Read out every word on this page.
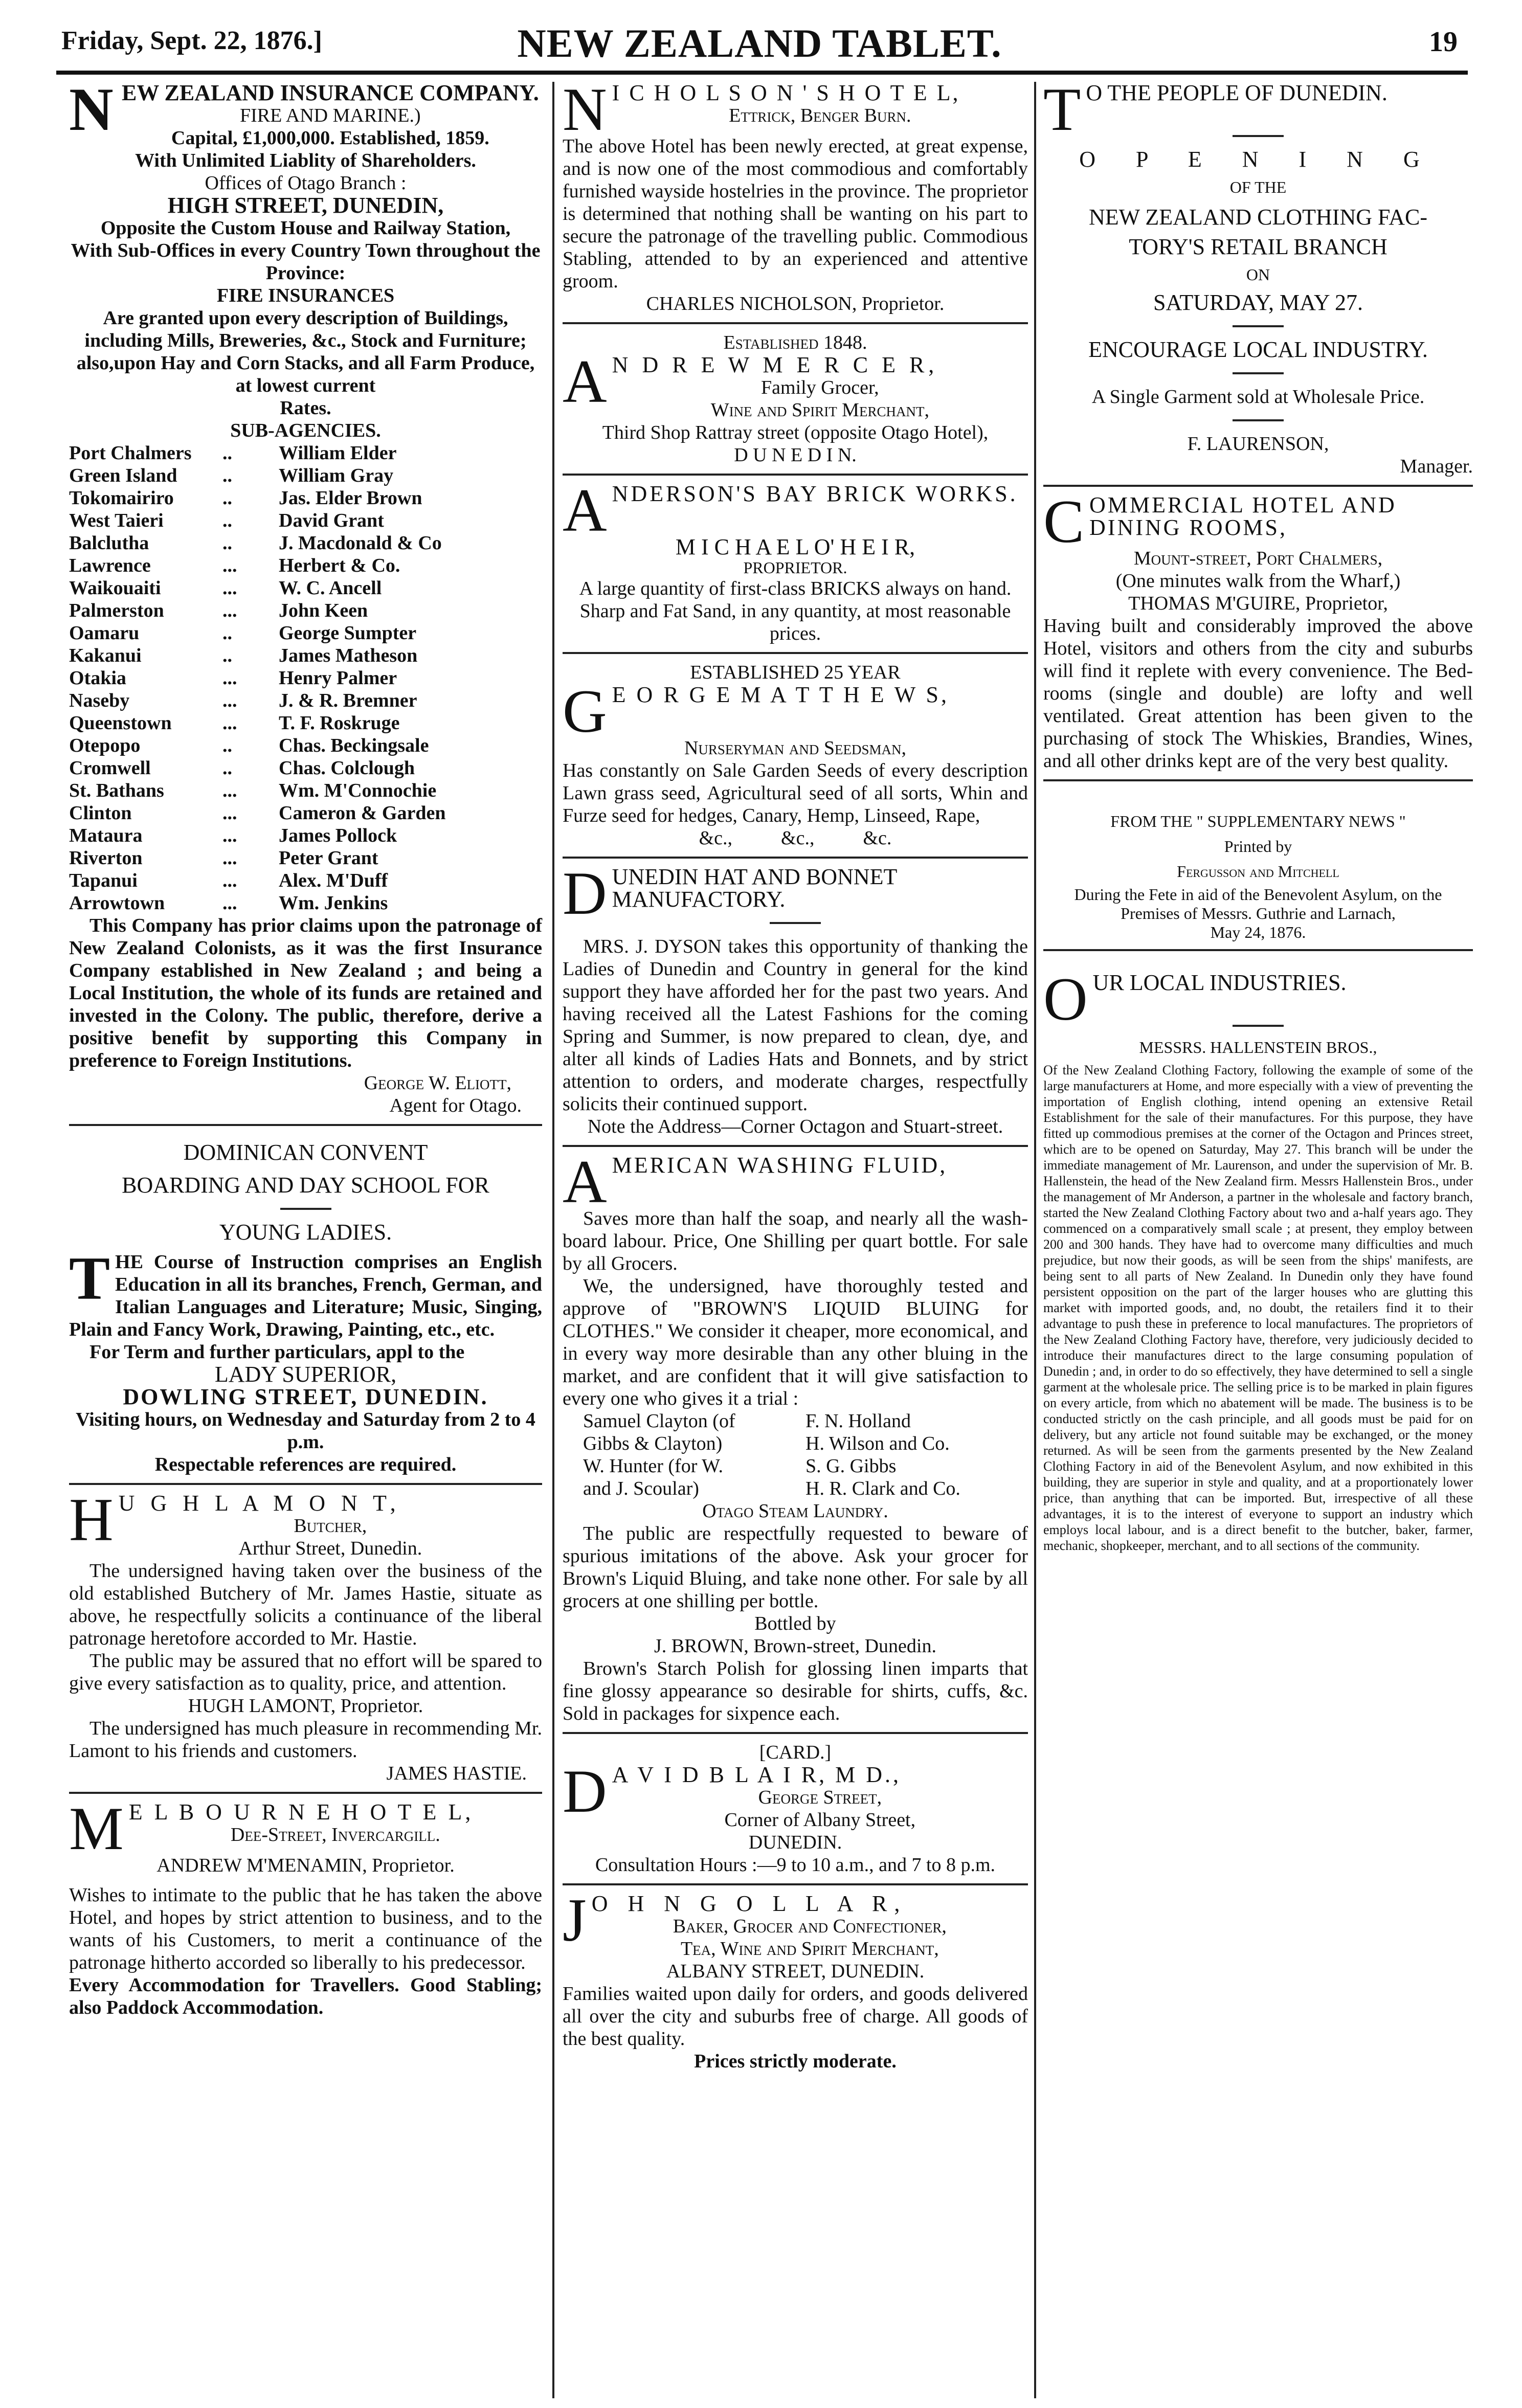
Friday, Sept. 22, 1876.]	NEW ZEALAND TABLET.	19
NEW ZEALAND INSURANCE COMPANY.
FIRE AND MARINE.)
Capital, £1,000,000. Established, 1859.
With Unlimited Liablity of Shareholders.
Offices of Otago Branch :
HIGH STREET, DUNEDIN,
Opposite the Custom House and Railway Station,
With Sub-Offices in every Country Town throughout the Province:
FIRE INSURANCES
Are granted upon every description of Buildings, including Mills, Breweries, &c., Stock and Furniture; also,upon Hay and Corn Stacks, and all Farm Produce, at lowest current
Rates.
SUB-AGENCIES.
Port Chalmers	..	William Elder
Green Island	..	William Gray
Tokomairiro	..	Jas. Elder Brown
West Taieri	..	David Grant
Balclutha	..	J. Macdonald & Co
Lawrence	...	Herbert & Co.
Waikouaiti	...	W. C. Ancell
Palmerston	...	John Keen
Oamaru	..	George Sumpter
Kakanui	..	James Matheson
Otakia	...	Henry Palmer
Naseby	...	J. & R. Bremner
Queenstown	...	T. F. Roskruge
Otepopo	..	Chas. Beckingsale
Cromwell	..	Chas. Colclough
St. Bathans	...	Wm. M'Connochie
Clinton	...	Cameron & Garden
Mataura	...	James Pollock
Riverton	...	Peter Grant
Tapanui	...	Alex. M'Duff
Arrowtown	...	Wm. Jenkins

This Company has prior claims upon the patronage of New Zealand Colonists, as it was the first Insurance Company established in New Zealand ; and being a Local Institution, the whole of its funds are retained and invested in the Colony. The public, therefore, derive a positive benefit by supporting this Company in preference to Foreign Institutions.

George W. Eliott,
Agent for Otago.
DOMINICAN CONVENT
BOARDING AND DAY SCHOOL FOR
YOUNG LADIES.

THE Course of Instruction comprises an English Education in all its branches, French, German, and Italian Languages and Literature; Music, Singing, Plain and Fancy Work, Drawing, Painting, etc., etc.

For Term and further particulars, appl to the

LADY SUPERIOR,
DOWLING STREET, DUNEDIN.
Visiting hours, on Wednesday and Saturday from 2 to 4 p.m.
Respectable references are required.
H U G H L A M O N T,
Butcher,
Arthur Street, Dunedin.

The undersigned having taken over the business of the old established Butchery of Mr. James Hastie, situate as above, he respectfully solicits a continuance of the liberal patronage heretofore accorded to Mr. Hastie.

The public may be assured that no effort will be spared to give every satisfaction as to quality, price, and attention.

HUGH LAMONT, Proprietor.

The undersigned has much pleasure in recommending Mr. Lamont to his friends and customers.

JAMES HASTIE.
M E L B O U R N E H O T E L,
Dee-Street, Invercargill.
ANDREW M'MENAMIN, Proprietor.

Wishes to intimate to the public that he has taken the above Hotel, and hopes by strict attention to business, and to the wants of his Customers, to merit a continuance of the patronage hitherto accorded so liberally to his predecessor.

Every Accommodation for Travellers. Good Stabling; also Paddock Accommodation.

N I C H O L S O N ' S H O T E L,
Ettrick, Benger Burn.

The above Hotel has been newly erected, at great expense, and is now one of the most commodious and comfortably furnished wayside hostelries in the province. The proprietor is determined that nothing shall be wanting on his part to secure the patronage of the travelling public. Commodious Stabling, attended to by an experienced and attentive groom.

CHARLES NICHOLSON, Proprietor.
Established 1848.
A N D R E W M E R C E R,
Family Grocer,
Wine and Spirit Merchant,
Third Shop Rattray street (opposite Otago Hotel),
D U N E D I N.
ANDERSON'S BAY BRICK WORKS.
M I C H A E L O' H E I R,
PROPRIETOR.
A large quantity of first-class BRICKS always on hand.
Sharp and Fat Sand, in any quantity, at most reasonable prices.
ESTABLISHED 25 YEAR
G E O R G E M A T T H E W S,
Nurseryman and Seedsman,

Has constantly on Sale Garden Seeds of every description Lawn grass seed, Agricultural seed of all sorts, Whin and Furze seed for hedges, Canary, Hemp, Linseed, Rape,

&c.,          &c.,          &c.
DUNEDIN HAT AND BONNET MANUFACTORY.

MRS. J. DYSON takes this opportunity of thanking the Ladies of Dunedin and Country in general for the kind support they have afforded her for the past two years. And having received all the Latest Fashions for the coming Spring and Summer, is now prepared to clean, dye, and alter all kinds of Ladies Hats and Bonnets, and by strict attention to orders, and moderate charges, respectfully solicits their continued support.

Note the Address—Corner Octagon and Stuart-street.
AMERICAN WASHING FLUID,

Saves more than half the soap, and nearly all the wash-board labour. Price, One Shilling per quart bottle. For sale by all Grocers.

We, the undersigned, have thoroughly tested and approve of "BROWN'S LIQUID BLUING for CLOTHES." We consider it cheaper, more economical, and in every way more desirable than any other bluing in the market, and are confident that it will give satisfaction to every one who gives it a trial :

Samuel Clayton (of	F. N. Holland
Gibbs & Clayton)	H. Wilson and Co.
W. Hunter (for W.	S. G. Gibbs
and J. Scoular)	H. R. Clark and Co.
Otago Steam Laundry.

The public are respectfully requested to beware of spurious imitations of the above. Ask your grocer for Brown's Liquid Bluing, and take none other. For sale by all grocers at one shilling per bottle.

Bottled by
J. BROWN, Brown-street, Dunedin.

Brown's Starch Polish for glossing linen imparts that fine glossy appearance so desirable for shirts, cuffs, &c. Sold in packages for sixpence each.

[CARD.]
D A V I D B L A I R, M D.,
George Street,
Corner of Albany Street,
DUNEDIN.
Consultation Hours :—9 to 10 a.m., and 7 to 8 p.m.
J O H N G O L L A R,
Baker, Grocer and Confectioner,
Tea, Wine and Spirit Merchant,
ALBANY STREET, DUNEDIN.

Families waited upon daily for orders, and goods delivered all over the city and suburbs free of charge. All goods of the best quality.

Prices strictly moderate.
T O THE PEOPLE OF DUNEDIN.
O P E N I N G
OF THE
NEW ZEALAND CLOTHING FAC-
TORY'S RETAIL BRANCH
ON
SATURDAY, MAY 27.
ENCOURAGE LOCAL INDUSTRY.
A Single Garment sold at Wholesale Price.
F. LAURENSON,
Manager.
COMMERCIAL HOTEL AND DINING ROOMS,
Mount-street, Port Chalmers,
(One minutes walk from the Wharf,)
THOMAS M'GUIRE, Proprietor,

Having built and considerably improved the above Hotel, visitors and others from the city and suburbs will find it replete with every convenience. The Bed-rooms (single and double) are lofty and well ventilated. Great attention has been given to the purchasing of stock The Whiskies, Brandies, Wines, and all other drinks kept are of the very best quality.

FROM THE " SUPPLEMENTARY NEWS "
Printed by
Fergusson and Mitchell
During the Fete in aid of the Benevolent Asylum, on the Premises of Messrs. Guthrie and Larnach,
May 24, 1876.
OUR LOCAL INDUSTRIES.
MESSRS. HALLENSTEIN BROS.,

Of the New Zealand Clothing Factory, following the example of some of the large manufacturers at Home, and more especially with a view of preventing the importation of English clothing, intend opening an extensive Retail Establishment for the sale of their manufactures. For this purpose, they have fitted up commodious premises at the corner of the Octagon and Princes street, which are to be opened on Saturday, May 27. This branch will be under the immediate management of Mr. Laurenson, and under the supervision of Mr. B. Hallenstein, the head of the New Zealand firm. Messrs Hallenstein Bros., under the management of Mr Anderson, a partner in the wholesale and factory branch, started the New Zealand Clothing Factory about two and a-half years ago. They commenced on a comparatively small scale ; at present, they employ between 200 and 300 hands. They have had to overcome many difficulties and much prejudice, but now their goods, as will be seen from the ships' manifests, are being sent to all parts of New Zealand. In Dunedin only they have found persistent opposition on the part of the larger houses who are glutting this market with imported goods, and, no doubt, the retailers find it to their advantage to push these in preference to local manufactures. The proprietors of the New Zealand Clothing Factory have, therefore, very judiciously decided to introduce their manufactures direct to the large consuming population of Dunedin ; and, in order to do so effectively, they have determined to sell a single garment at the wholesale price. The selling price is to be marked in plain figures on every article, from which no abatement will be made. The business is to be conducted strictly on the cash principle, and all goods must be paid for on delivery, but any article not found suitable may be exchanged, or the money returned. As will be seen from the garments presented by the New Zealand Clothing Factory in aid of the Benevolent Asylum, and now exhibited in this building, they are superior in style and quality, and at a proportionately lower price, than anything that can be imported. But, irrespective of all these advantages, it is to the interest of everyone to support an industry which employs local labour, and is a direct benefit to the butcher, baker, farmer, mechanic, shopkeeper, merchant, and to all sections of the community.
